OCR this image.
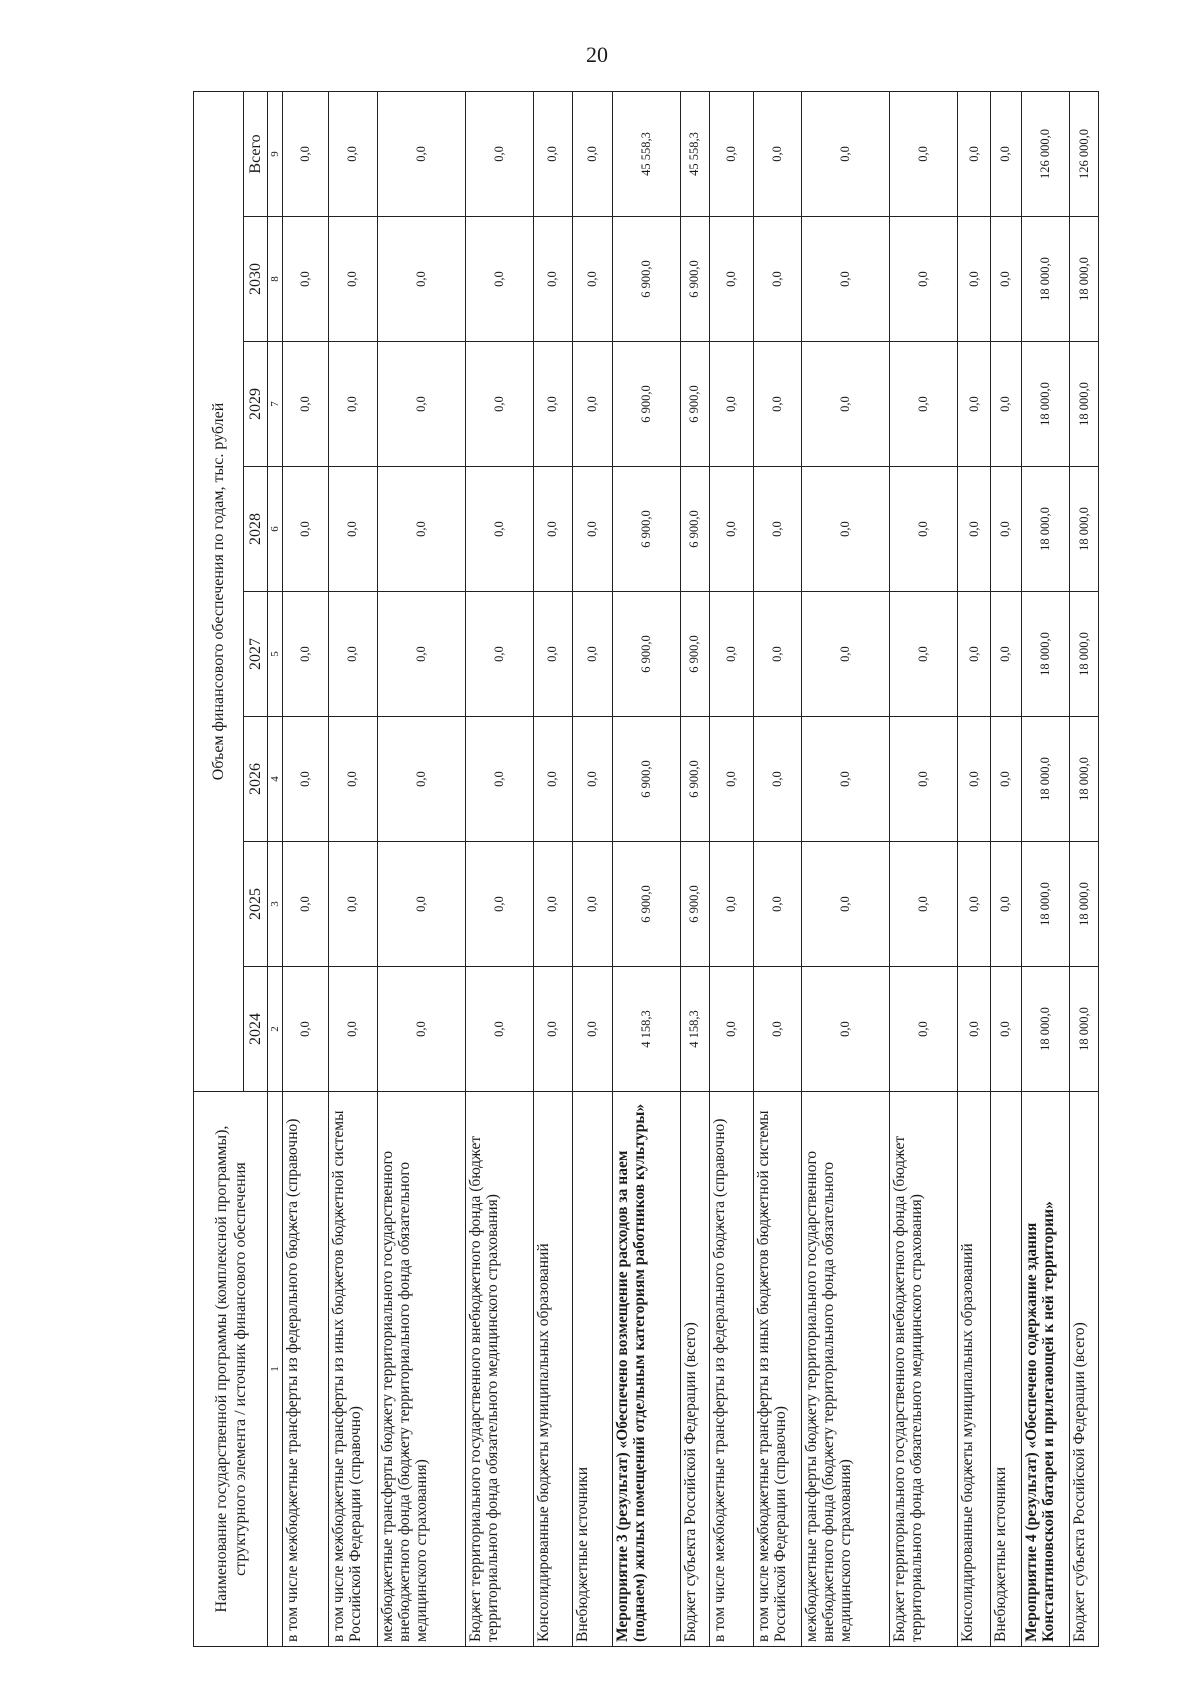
20
Наименование государственной программы (комплексной программы), структурного элемента / источник финансового обеспечения	Объем финансового обеспечения по годам, тыс. рублей							
	2024	2025	2026	2027	2028	2029	2030	Всего
1	2	3	4	5	6	7	8	9
в том числе межбюджетные трансферты из федерального бюджета (справочно)	0,0	0,0	0,0	0,0	0,0	0,0	0,0	0,0
в том числе межбюджетные трансферты из иных бюджетов бюджетной системы Российской Федерации (справочно)	0,0	0,0	0,0	0,0	0,0	0,0	0,0	0,0
межбюджетные трансферты бюджету территориального государственного внебюджетного фонда (бюджету территориального фонда обязательного медицинского страхования)	0,0	0,0	0,0	0,0	0,0	0,0	0,0	0,0
Бюджет территориального государственного внебюджетного фонда (бюджет территориального фонда обязательного медицинского страхования)	0,0	0,0	0,0	0,0	0,0	0,0	0,0	0,0
Консолидированные бюджеты муниципальных образований	0,0	0,0	0,0	0,0	0,0	0,0	0,0	0,0
Внебюджетные источники	0,0	0,0	0,0	0,0	0,0	0,0	0,0	0,0
Мероприятие 3 (результат) «Обеспечено возмещение расходов за наем (поднаем) жилых помещений отдельным категориям работников культуры»	4 158,3	6 900,0	6 900,0	6 900,0	6 900,0	6 900,0	6 900,0	45 558,3
Бюджет субъекта Российской Федерации (всего)	4 158,3	6 900,0	6 900,0	6 900,0	6 900,0	6 900,0	6 900,0	45 558,3
в том числе межбюджетные трансферты из федерального бюджета (справочно)	0,0	0,0	0,0	0,0	0,0	0,0	0,0	0,0
в том числе межбюджетные трансферты из иных бюджетов бюджетной системы Российской Федерации (справочно)	0,0	0,0	0,0	0,0	0,0	0,0	0,0	0,0
межбюджетные трансферты бюджету территориального государственного внебюджетного фонда (бюджету территориального фонда обязательного медицинского страхования)	0,0	0,0	0,0	0,0	0,0	0,0	0,0	0,0
Бюджет территориального государственного внебюджетного фонда (бюджет территориального фонда обязательного медицинского страхования)	0,0	0,0	0,0	0,0	0,0	0,0	0,0	0,0
Консолидированные бюджеты муниципальных образований	0,0	0,0	0,0	0,0	0,0	0,0	0,0	0,0
Внебюджетные источники	0,0	0,0	0,0	0,0	0,0	0,0	0,0	0,0
Мероприятие 4 (результат) «Обеспечено содержание здания Константиновской батареи и прилегающей к ней территории»	18 000,0	18 000,0	18 000,0	18 000,0	18 000,0	18 000,0	18 000,0	126 000,0
Бюджет субъекта Российской Федерации (всего)	18 000,0	18 000,0	18 000,0	18 000,0	18 000,0	18 000,0	18 000,0	126 000,0
